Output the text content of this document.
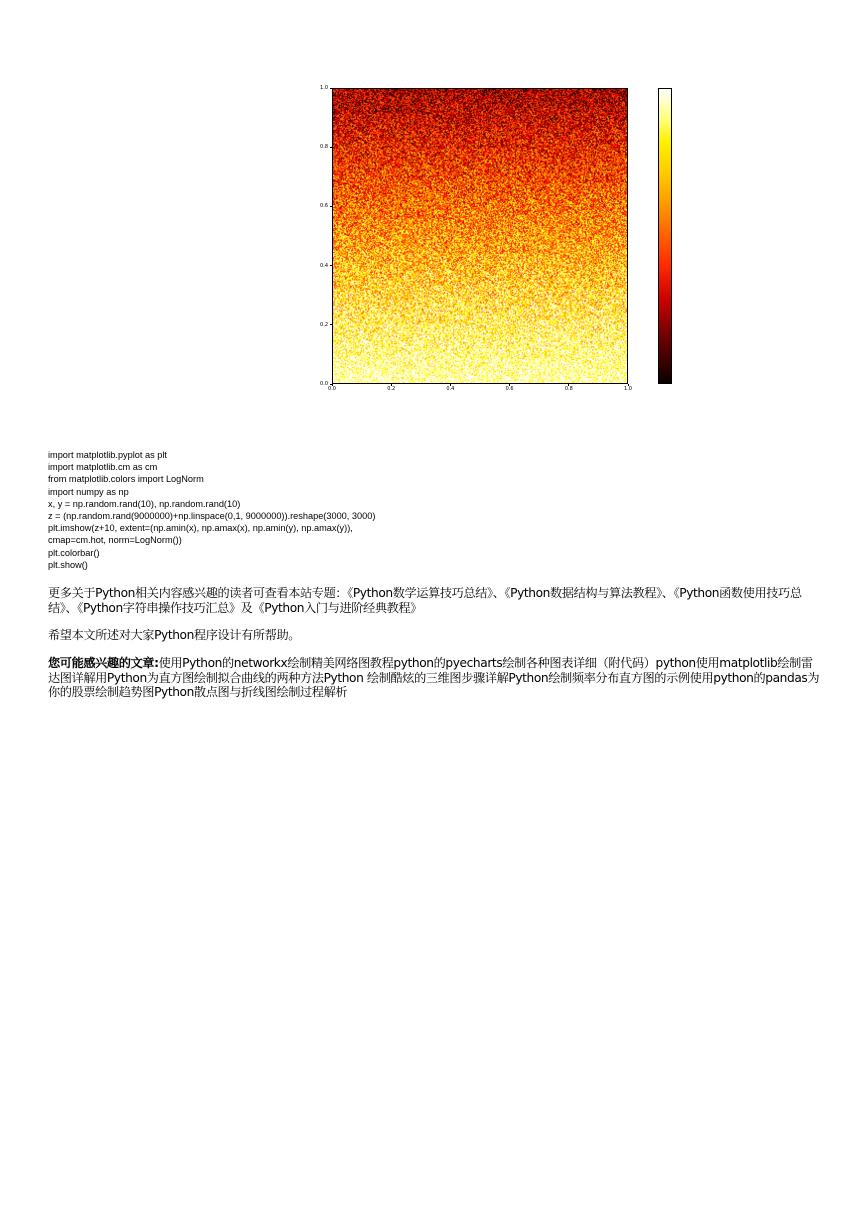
0.0
0.2
0.4
0.6
0.8
1.0
0.0	0.2	0.4	0.6	0.8	1.0
import matplotlib.pyplot as plt
import matplotlib.cm as cm
from matplotlib.colors import LogNorm
import numpy as np
x, y = np.random.rand(10), np.random.rand(10)
z = (np.random.rand(9000000)+np.linspace(0,1, 9000000)).reshape(3000, 3000)
plt.imshow(z+10, extent=(np.amin(x), np.amax(x), np.amin(y), np.amax(y)),
cmap=cm.hot, norm=LogNorm())
plt.colorbar()
plt.show()
更多关于Python相关内容感兴趣的读者可查看本站专题：《Python数学运算技巧总结》、《Python数据结构与算法教程》、《Python函数使用技巧总结》、《Python字符串操作技巧汇总》及《Python入门与进阶经典教程》
希望本文所述对大家Python程序设计有所帮助。
您可能感兴趣的文章:使用Python的networkx绘制精美网络图教程python的pyecharts绘制各种图表详细（附代码）python使用matplotlib绘制雷达图详解用Python为直方图绘制拟合曲线的两种方法Python 绘制酷炫的三维图步骤详解Python绘制频率分布直方图的示例使用python的pandas为你的股票绘制趋势图Python散点图与折线图绘制过程解析
